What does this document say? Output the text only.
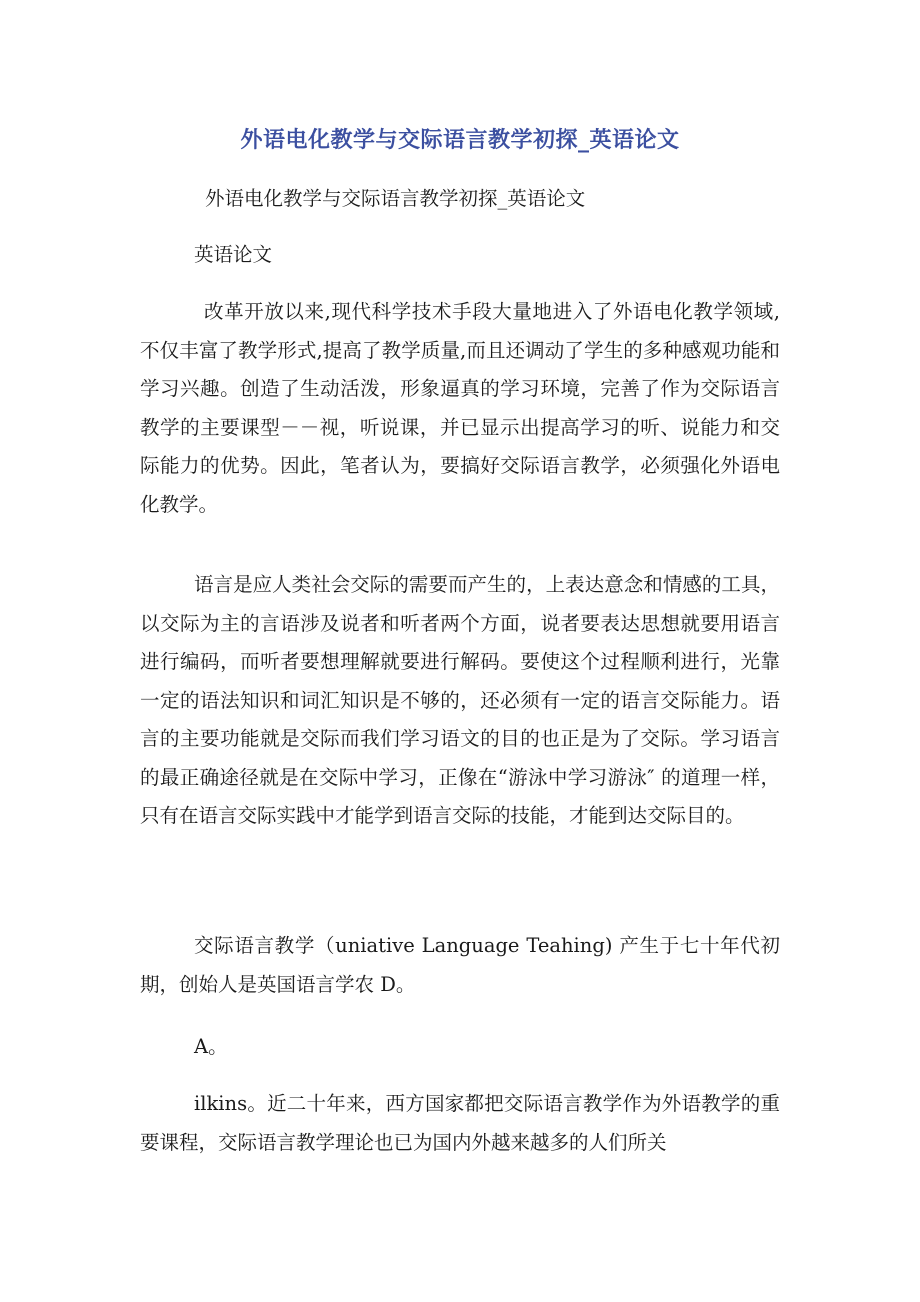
外语电化教学与交际语言教学初探_英语论文

外语电化教学与交际语言教学初探_英语论文

英语论文

改革开放以来,现代科学技术手段大量地进入了外语电化教学领域, 不仅丰富了教学形式,提高了教学质量,而且还调动了学生的多种感观功能和学习兴趣。创造了生动活泼，形象逼真的学习环境，完善了作为交际语言教学的主要课型－－视，听说课，并已显示出提高学习的听、说能力和交际能力的优势。因此，笔者认为，要搞好交际语言教学，必须强化外语电化教学。

语言是应人类社会交际的需要而产生的，上表达意念和情感的工具，以交际为主的言语涉及说者和听者两个方面，说者要表达思想就要用语言进行编码，而听者要想理解就要进行解码。要使这个过程顺利进行，光靠一定的语法知识和词汇知识是不够的，还必须有一定的语言交际能力。语言的主要功能就是交际而我们学习语文的目的也正是为了交际。学习语言的最正确途径就是在交际中学习，正像在“游泳中学习游泳″ 的道理一样，只有在语言交际实践中才能学到语言交际的技能，才能到达交际目的。

交际语言教学（uniative Language Teahing) 产生于七十年代初期，创始人是英国语言学农 D。

A。

ilkins。近二十年来，西方国家都把交际语言教学作为外语教学的重要课程，交际语言教学理论也已为国内外越来越多的人们所关
